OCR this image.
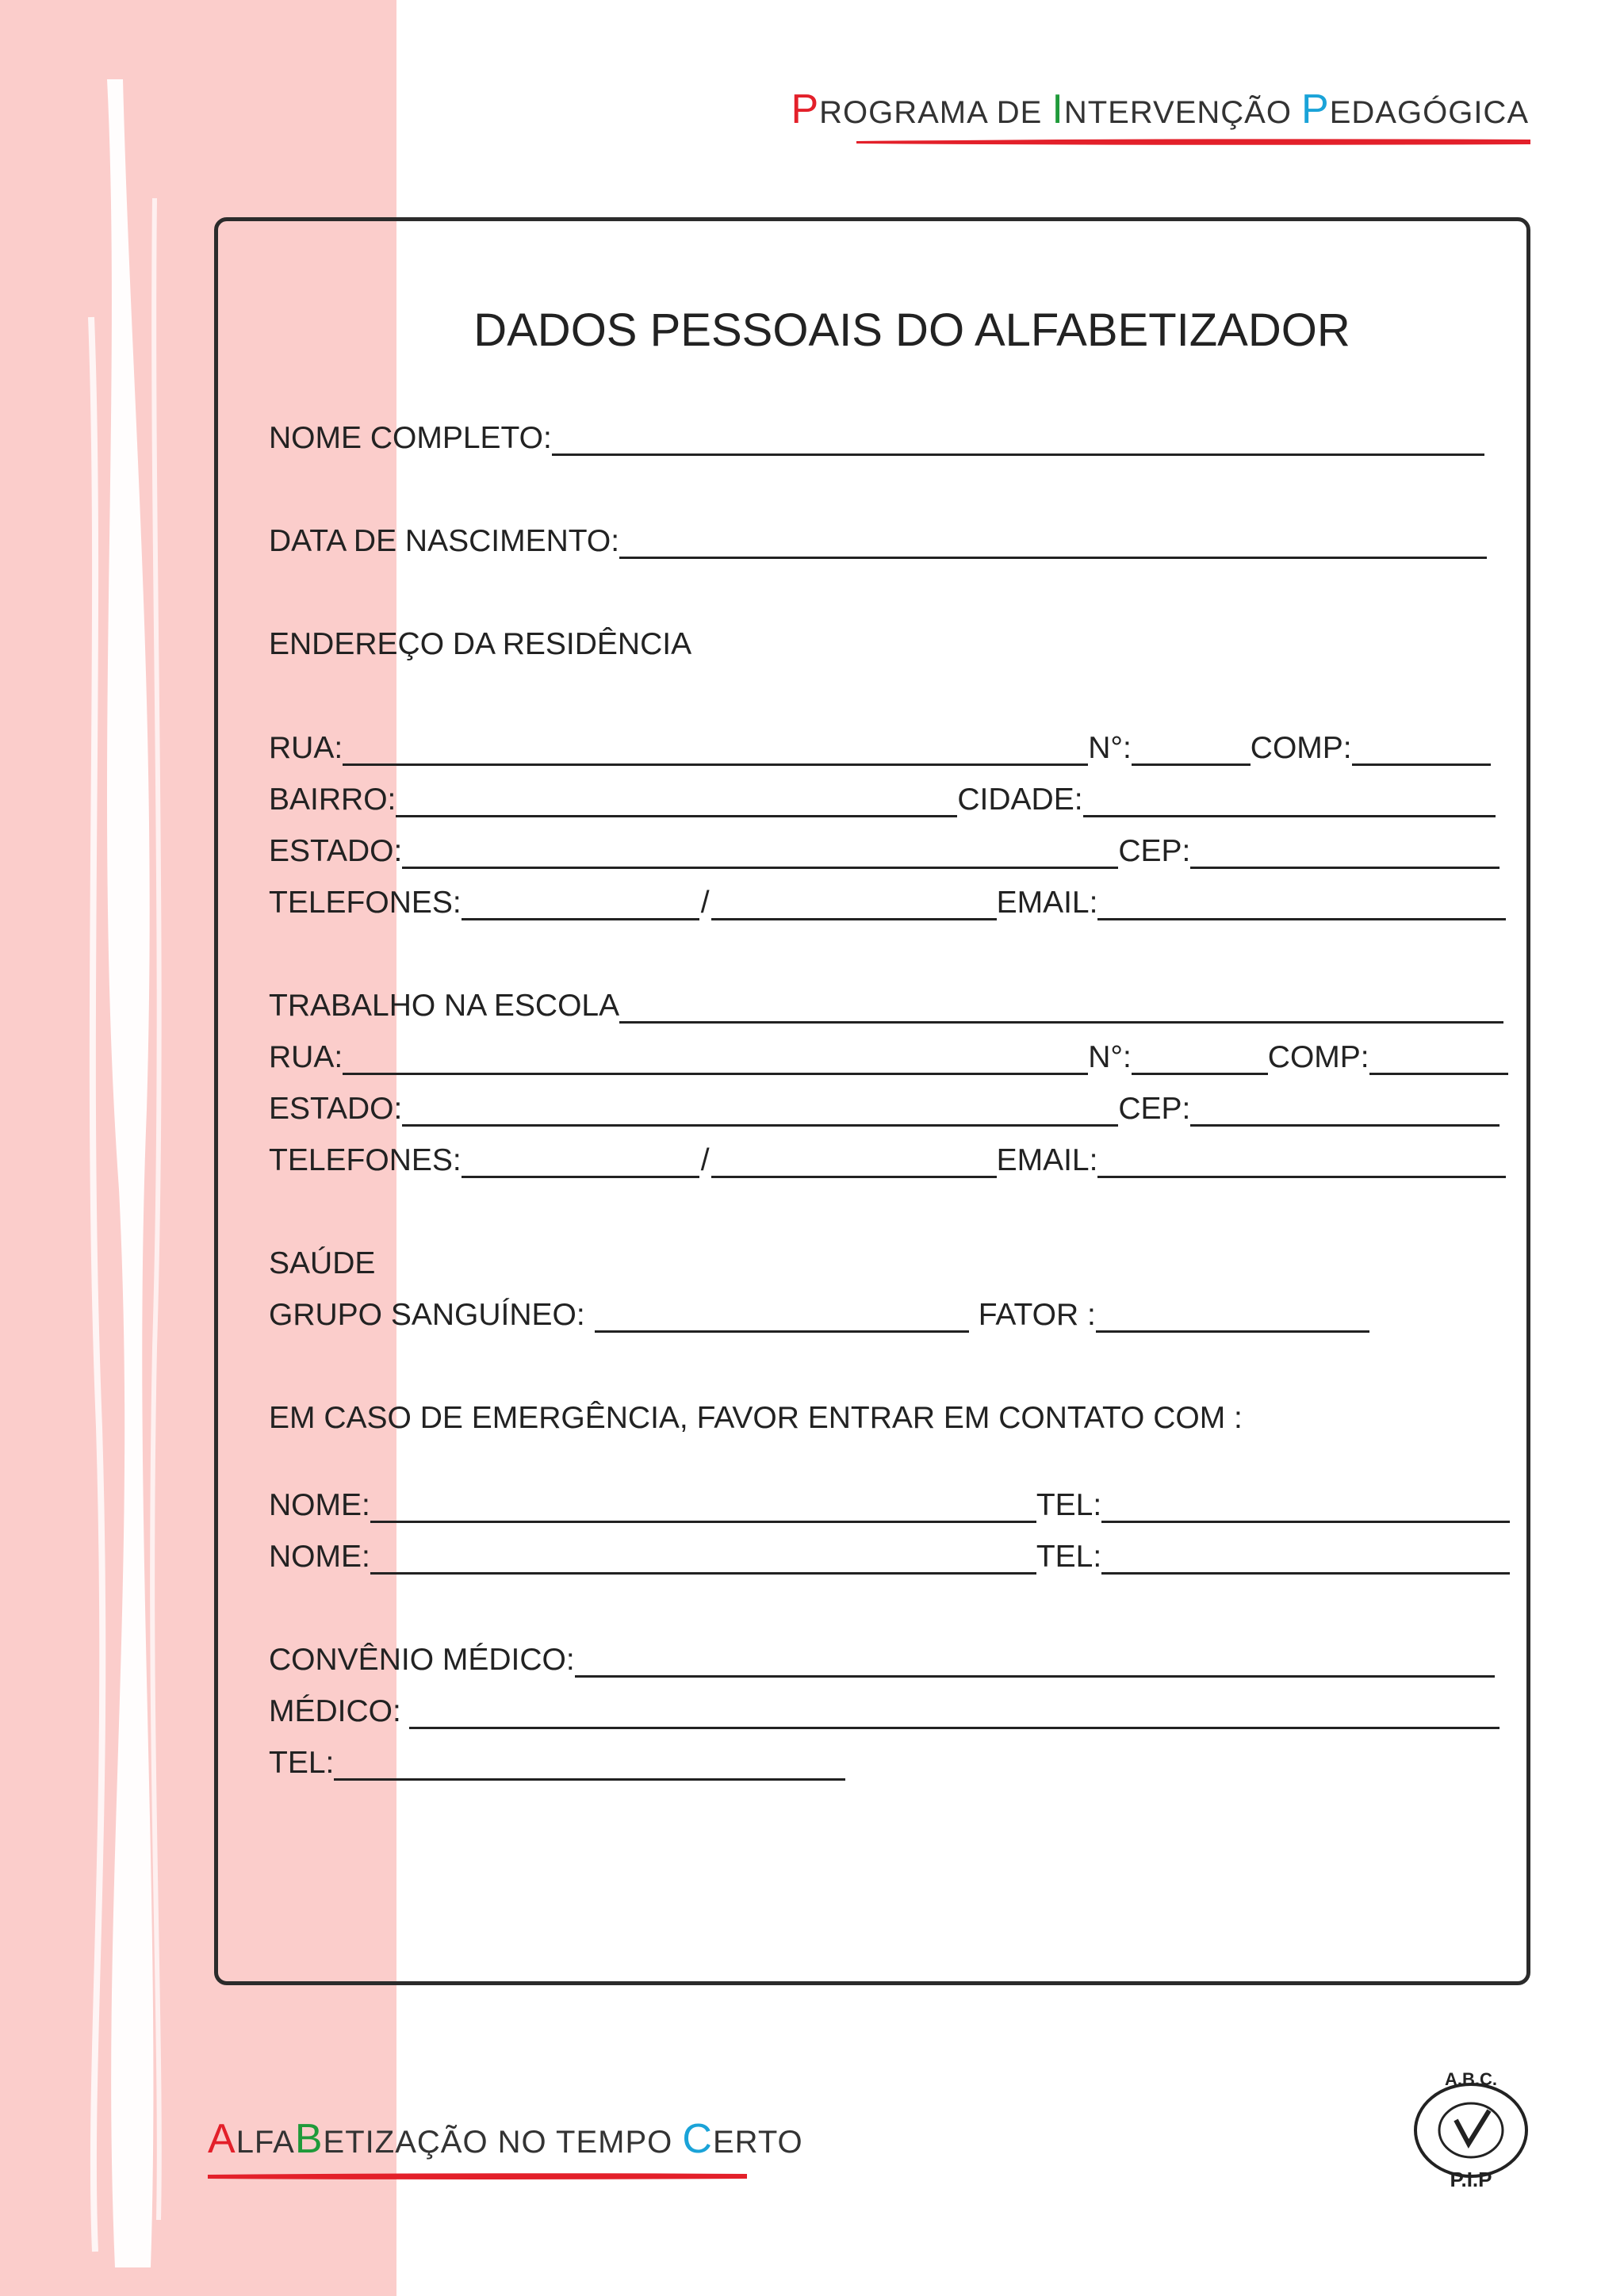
PROGRAMA DE INTERVENÇÃO PEDAGÓGICA
DADOS PESSOAIS DO ALFABETIZADOR
NOME COMPLETO:
DATA DE NASCIMENTO:
ENDEREÇO DA RESIDÊNCIA
RUA:	N°:	COMP:
BAIRRO:	CIDADE:
ESTADO:	CEP:
TELEFONES:	/	EMAIL:
TRABALHO NA ESCOLA
RUA:	N°:	COMP:
ESTADO:	CEP:
TELEFONES:	/	EMAIL:
SAÚDE
GRUPO SANGUÍNEO:	FATOR :
EM CASO DE EMERGÊNCIA, FAVOR ENTRAR EM CONTATO COM :
NOME:	TEL:
NOME:	TEL:
CONVÊNIO MÉDICO:
MÉDICO:
TEL:
ALFABETIZAÇÃO NO TEMPO CERTO
A.B.C.
P.I.P
